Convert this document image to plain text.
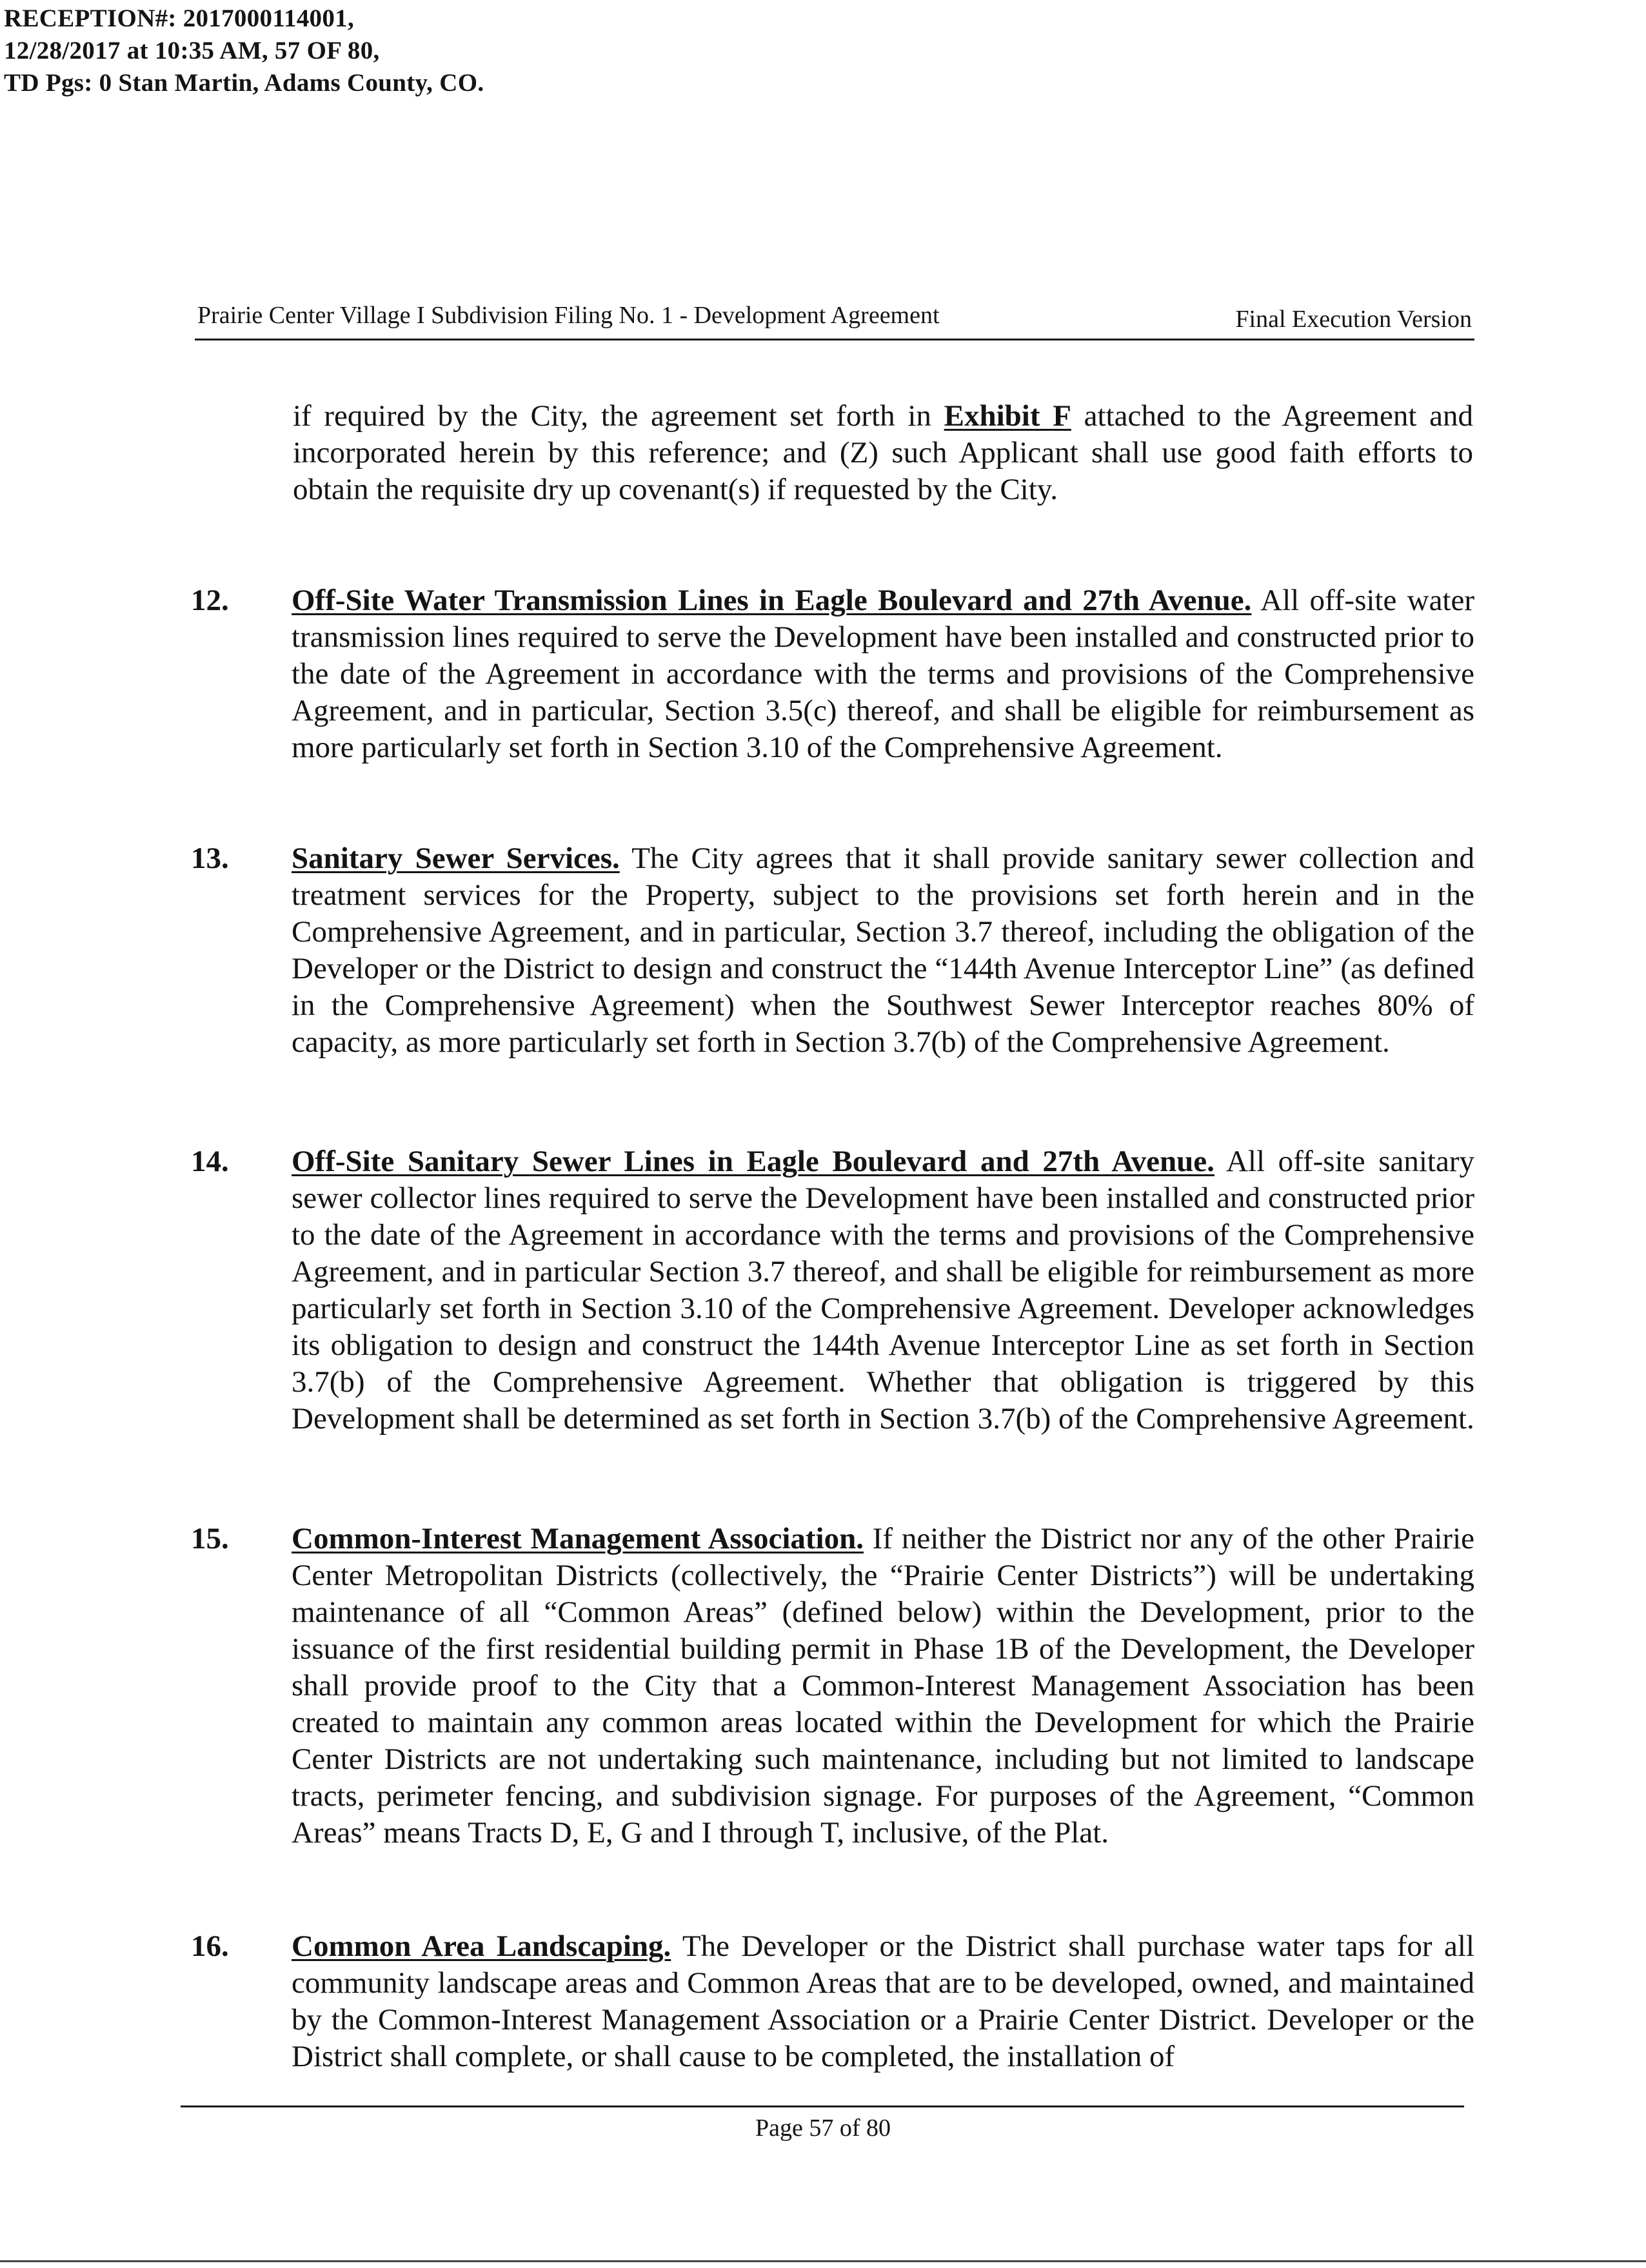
RECEPTION#: 2017000114001,
12/28/2017 at 10:35 AM, 57 OF 80,
TD Pgs: 0 Stan Martin, Adams County, CO.
Prairie Center Village I Subdivision Filing No. 1 - Development Agreement	Final Execution Version
if required by the City, the agreement set forth in Exhibit F attached to the Agreement and incorporated herein by this reference; and (Z) such Applicant shall use good faith efforts to obtain the requisite dry up covenant(s) if requested by the City.
12. Off-Site Water Transmission Lines in Eagle Boulevard and 27th Avenue. All off-site water transmission lines required to serve the Development have been installed and constructed prior to the date of the Agreement in accordance with the terms and provisions of the Comprehensive Agreement, and in particular, Section 3.5(c) thereof, and shall be eligible for reimbursement as more particularly set forth in Section 3.10 of the Comprehensive Agreement.
13. Sanitary Sewer Services. The City agrees that it shall provide sanitary sewer collection and treatment services for the Property, subject to the provisions set forth herein and in the Comprehensive Agreement, and in particular, Section 3.7 thereof, including the obligation of the Developer or the District to design and construct the “144th Avenue Interceptor Line” (as defined in the Comprehensive Agreement) when the Southwest Sewer Interceptor reaches 80% of capacity, as more particularly set forth in Section 3.7(b) of the Comprehensive Agreement.
14. Off-Site Sanitary Sewer Lines in Eagle Boulevard and 27th Avenue. All off-site sanitary sewer collector lines required to serve the Development have been installed and constructed prior to the date of the Agreement in accordance with the terms and provisions of the Comprehensive Agreement, and in particular Section 3.7 thereof, and shall be eligible for reimbursement as more particularly set forth in Section 3.10 of the Comprehensive Agreement. Developer acknowledges its obligation to design and construct the 144th Avenue Interceptor Line as set forth in Section 3.7(b) of the Comprehensive Agreement. Whether that obligation is triggered by this Development shall be determined as set forth in Section 3.7(b) of the Comprehensive Agreement.
15. Common-Interest Management Association. If neither the District nor any of the other Prairie Center Metropolitan Districts (collectively, the “Prairie Center Districts”) will be undertaking maintenance of all “Common Areas” (defined below) within the Development, prior to the issuance of the first residential building permit in Phase 1B of the Development, the Developer shall provide proof to the City that a Common-Interest Management Association has been created to maintain any common areas located within the Development for which the Prairie Center Districts are not undertaking such maintenance, including but not limited to landscape tracts, perimeter fencing, and subdivision signage. For purposes of the Agreement, “Common Areas” means Tracts D, E, G and I through T, inclusive, of the Plat.
16. Common Area Landscaping. The Developer or the District shall purchase water taps for all community landscape areas and Common Areas that are to be developed, owned, and maintained by the Common-Interest Management Association or a Prairie Center District. Developer or the District shall complete, or shall cause to be completed, the installation of
Page 57 of 80
